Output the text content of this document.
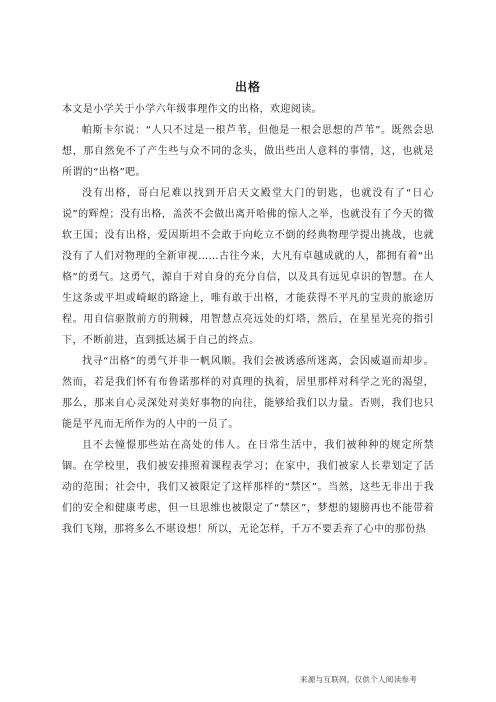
出格

本文是小学关于小学六年级事理作文的出格，欢迎阅读。

帕斯卡尔说：“人只不过是一根芦苇，但他是一根会思想的芦苇”。既然会思想，那自然免不了产生些与众不同的念头，做出些出人意料的事情，这，也就是所谓的“出格”吧。

没有出格，哥白尼难以找到开启天文殿堂大门的钥匙，也就没有了“日心说”的辉煌；没有出格，盖茨不会做出离开哈佛的惊人之举，也就没有了今天的微软王国；没有出格，爱因斯坦不会敢于向屹立不倒的经典物理学提出挑战，也就没有了人们对物理的全新审视……古往今来，大凡有卓越成就的人，都拥有着“出格”的勇气。这勇气，源自于对自身的充分自信，以及具有远见卓识的智慧。在人生这条或平坦或崎岖的路途上，唯有敢于出格，才能获得不平凡的宝贵的旅途历程。用自信驱散前方的荆棘，用智慧点亮远处的灯塔，然后，在星星光亮的指引下，不断前进，直到抵达属于自己的终点。

找寻“出格”的勇气并非一帆风顺。我们会被诱惑所迷离，会因威逼而却步。然而，若是我们怀有布鲁诺那样的对真理的执着，居里那样对科学之光的渴望，那么，那来自心灵深处对美好事物的向往，能够给我们以力量。否则，我们也只能是平凡而无所作为的人中的一员了。

且不去憧憬那些站在高处的伟人。在日常生活中，我们被种种的规定所禁锢。在学校里，我们被安排照着课程表学习；在家中，我们被家人长辈划定了活动的范围；社会中，我们又被限定了这样那样的“禁区”。当然，这些无非出于我们的安全和健康考虑，但一旦思维也被限定了“禁区”，梦想的翅膀再也不能带着我们飞翔，那将多么不堪设想！所以，无论怎样，千万不要丢弃了心中的那份热

来源与互联网，仅供个人阅读参考
